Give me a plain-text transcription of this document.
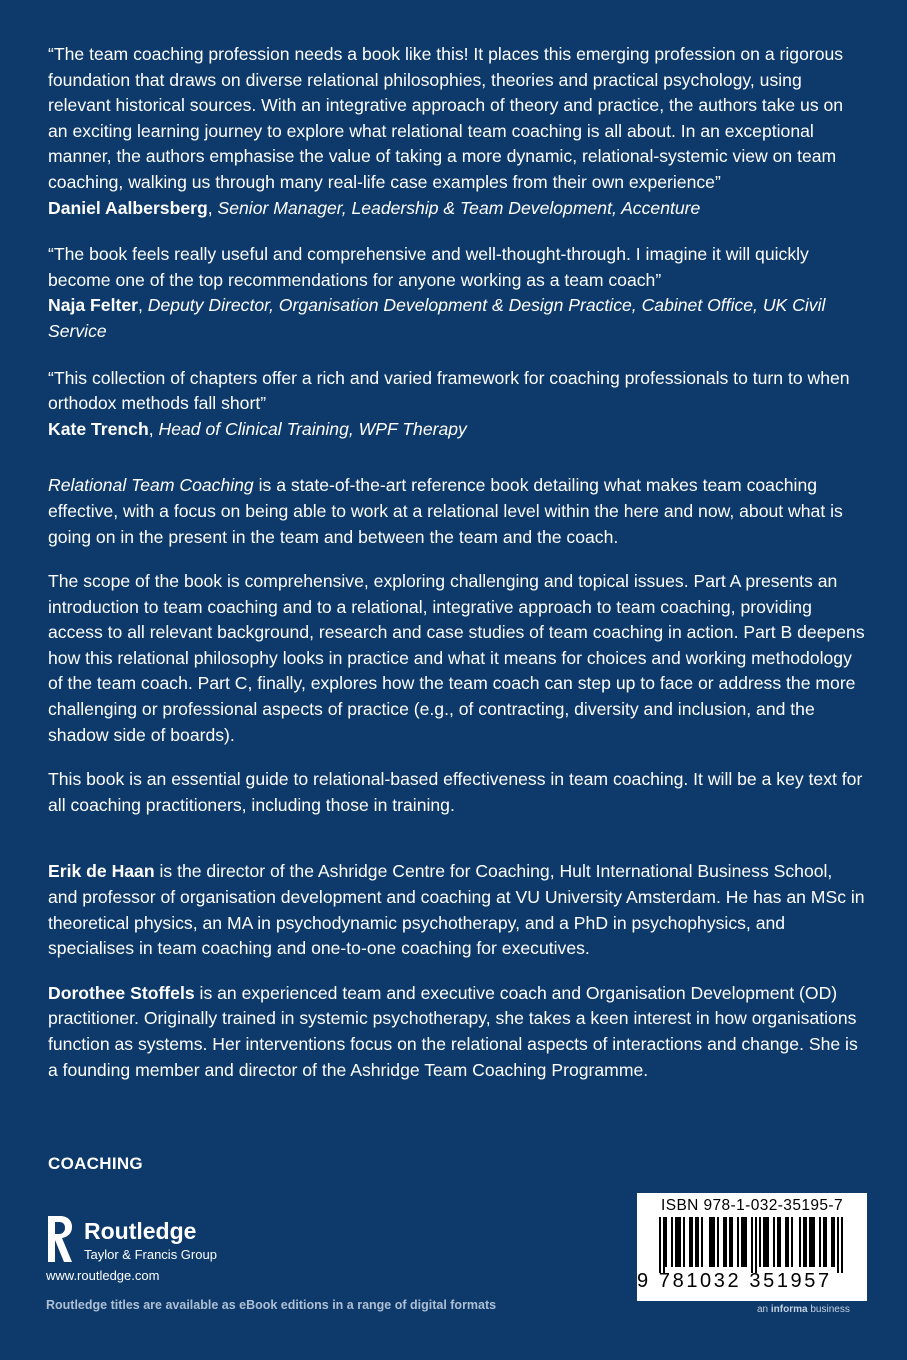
“The team coaching profession needs a book like this! It places this emerging profession on a rigorous foundation that draws on diverse relational philosophies, theories and practical psychology, using relevant historical sources. With an integrative approach of theory and practice, the authors take us on an exciting learning journey to explore what relational team coaching is all about. In an exceptional manner, the authors emphasise the value of taking a more dynamic, relational-systemic view on team coaching, walking us through many real-life case examples from their own experience”

Daniel Aalbersberg, Senior Manager, Leadership & Team Development, Accenture

“The book feels really useful and comprehensive and well-thought-through. I imagine it will quickly become one of the top recommendations for anyone working as a team coach”

Naja Felter, Deputy Director, Organisation Development & Design Practice, Cabinet Office, UK Civil Service

“This collection of chapters offer a rich and varied framework for coaching professionals to turn to when orthodox methods fall short”

Kate Trench, Head of Clinical Training, WPF Therapy

Relational Team Coaching is a state-of-the-art reference book detailing what makes team coaching effective, with a focus on being able to work at a relational level within the here and now, about what is going on in the present in the team and between the team and the coach.

The scope of the book is comprehensive, exploring challenging and topical issues. Part A presents an introduction to team coaching and to a relational, integrative approach to team coaching, providing access to all relevant background, research and case studies of team coaching in action. Part B deepens how this relational philosophy looks in practice and what it means for choices and working methodology of the team coach. Part C, finally, explores how the team coach can step up to face or address the more challenging or professional aspects of practice (e.g., of contracting, diversity and inclusion, and the shadow side of boards).

This book is an essential guide to relational-based effectiveness in team coaching. It will be a key text for all coaching practitioners, including those in training.

Erik de Haan is the director of the Ashridge Centre for Coaching, Hult International Business School, and professor of organisation development and coaching at VU University Amsterdam. He has an MSc in theoretical physics, an MA in psychodynamic psychotherapy, and a PhD in psychophysics, and specialises in team coaching and one-to-one coaching for executives.

Dorothee Stoffels is an experienced team and executive coach and Organisation Development (OD) practitioner. Originally trained in systemic psychotherapy, she takes a keen interest in how organisations function as systems. Her interventions focus on the relational aspects of interactions and change. She is a founding member and director of the Ashridge Team Coaching Programme.

COACHING
Routledge
Taylor & Francis Group
www.routledge.com
Routledge titles are available as eBook editions in a range of digital formats
ISBN 978-1-032-35195-7
9 781032 351957
an informa business
